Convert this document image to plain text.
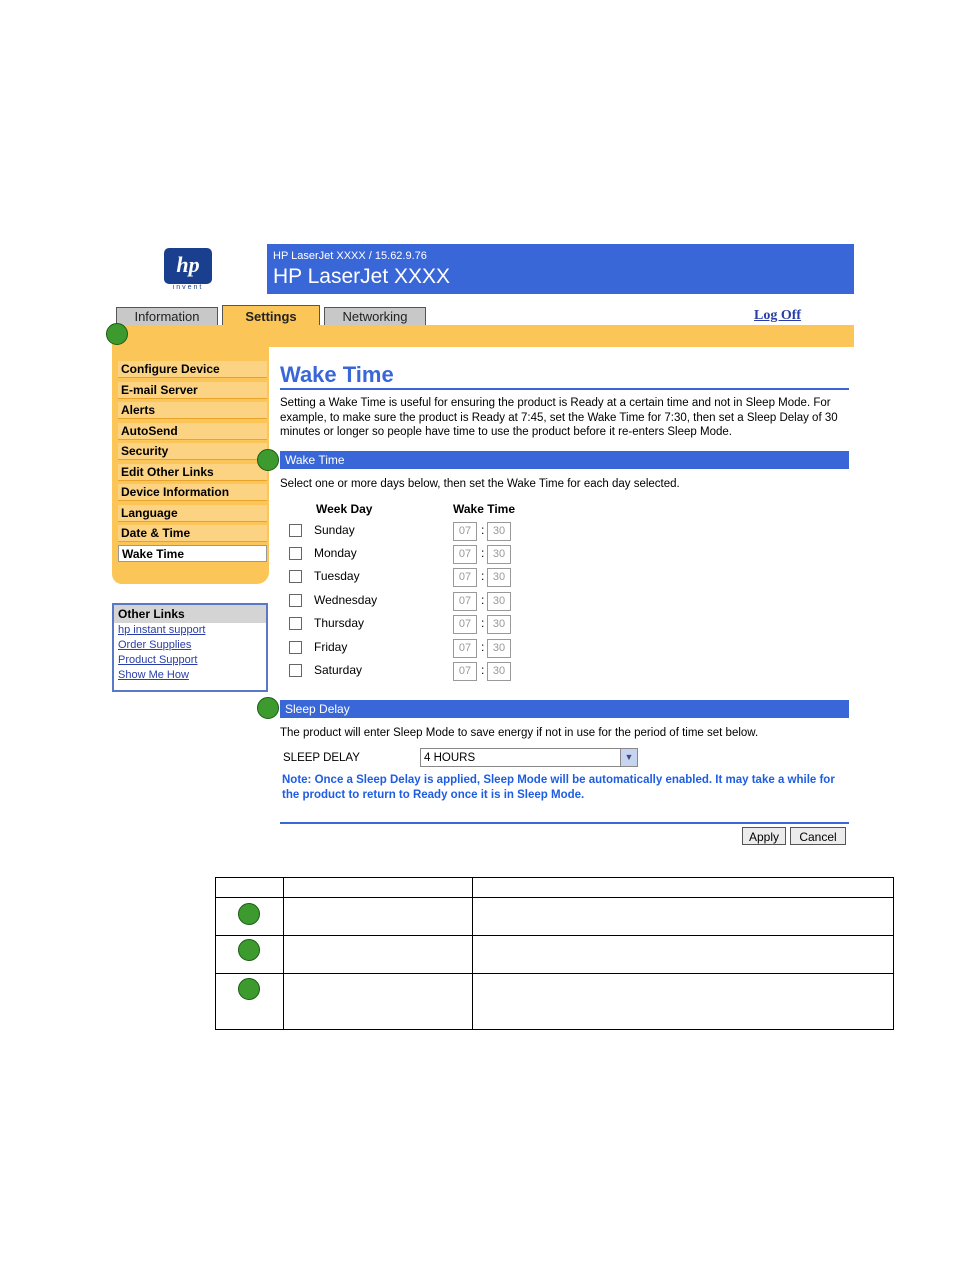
hp
invent
HP LaserJet XXXX / 15.62.9.76
HP LaserJet XXXX
Information	Settings	Networking	Log Off
Configure Device
E-mail Server
Alerts
AutoSend
Security
Edit Other Links
Device Information
Language
Date & Time
Wake Time
Other Links
hp instant support
Order Supplies
Product Support
Show Me How
Wake Time
Setting a Wake Time is useful for ensuring the product is Ready at a certain time and not in Sleep Mode. For example, to make sure the product is Ready at 7:45, set the Wake Time for 7:30, then set a Sleep Delay of 30 minutes or longer so people have time to use the product before it re-enters Sleep Mode.
Wake Time
Select one or more days below, then set the Wake Time for each day selected.
Week Day	Wake Time
Sunday	07 : 30
Monday	07 : 30
Tuesday	07 : 30
Wednesday	07 : 30
Thursday	07 : 30
Friday	07 : 30
Saturday	07 : 30
Sleep Delay
The product will enter Sleep Mode to save energy if not in use for the period of time set below.
SLEEP DELAY	4 HOURS	▼
Note: Once a Sleep Delay is applied, Sleep Mode will be automatically enabled. It may take a while for the product to return to Ready once it is in Sleep Mode.
Apply	Cancel
